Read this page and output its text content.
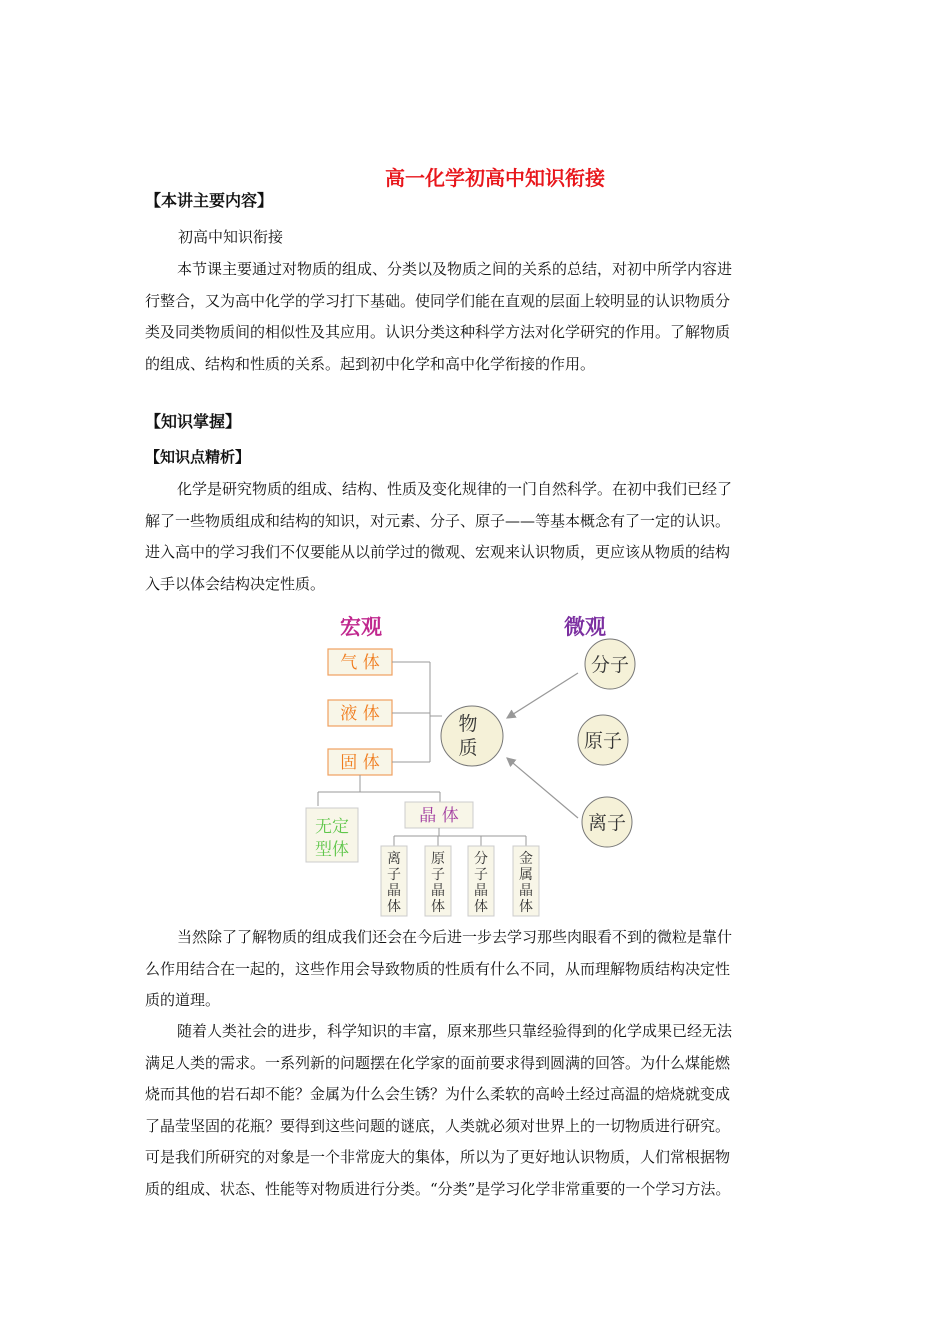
高一化学初高中知识衔接
【本讲主要内容】
初高中知识衔接
本节课主要通过对物质的组成、分类以及物质之间的关系的总结，对初中所学内容进
行整合，又为高中化学的学习打下基础。使同学们能在直观的层面上较明显的认识物质分
类及同类物质间的相似性及其应用。认识分类这种科学方法对化学研究的作用。了解物质
的组成、结构和性质的关系。起到初中化学和高中化学衔接的作用。
【知识掌握】
【知识点精析】
化学是研究物质的组成、结构、性质及变化规律的一门自然科学。在初中我们已经了
解了一些物质组成和结构的知识，对元素、分子、原子——等基本概念有了一定的认识。
进入高中的学习我们不仅要能从以前学过的微观、宏观来认识物质，更应该从物质的结构
入手以体会结构决定性质。
宏观	微观
气 体
液 体
固 体
物
质
分子
原子
离子
无定
型体
晶 体
离
子
晶
体
原
子
晶
体
分
子
晶
体
金
属
晶
体
当然除了了解物质的组成我们还会在今后进一步去学习那些肉眼看不到的微粒是靠什
么作用结合在一起的，这些作用会导致物质的性质有什么不同，从而理解物质结构决定性
质的道理。
随着人类社会的进步，科学知识的丰富，原来那些只靠经验得到的化学成果已经无法
满足人类的需求。一系列新的问题摆在化学家的面前要求得到圆满的回答。为什么煤能燃
烧而其他的岩石却不能？金属为什么会生锈？为什么柔软的高岭土经过高温的焙烧就变成
了晶莹坚固的花瓶？要得到这些问题的谜底，人类就必须对世界上的一切物质进行研究。
可是我们所研究的对象是一个非常庞大的集体，所以为了更好地认识物质，人们常根据物
质的组成、状态、性能等对物质进行分类。“分类”是学习化学非常重要的一个学习方法。
